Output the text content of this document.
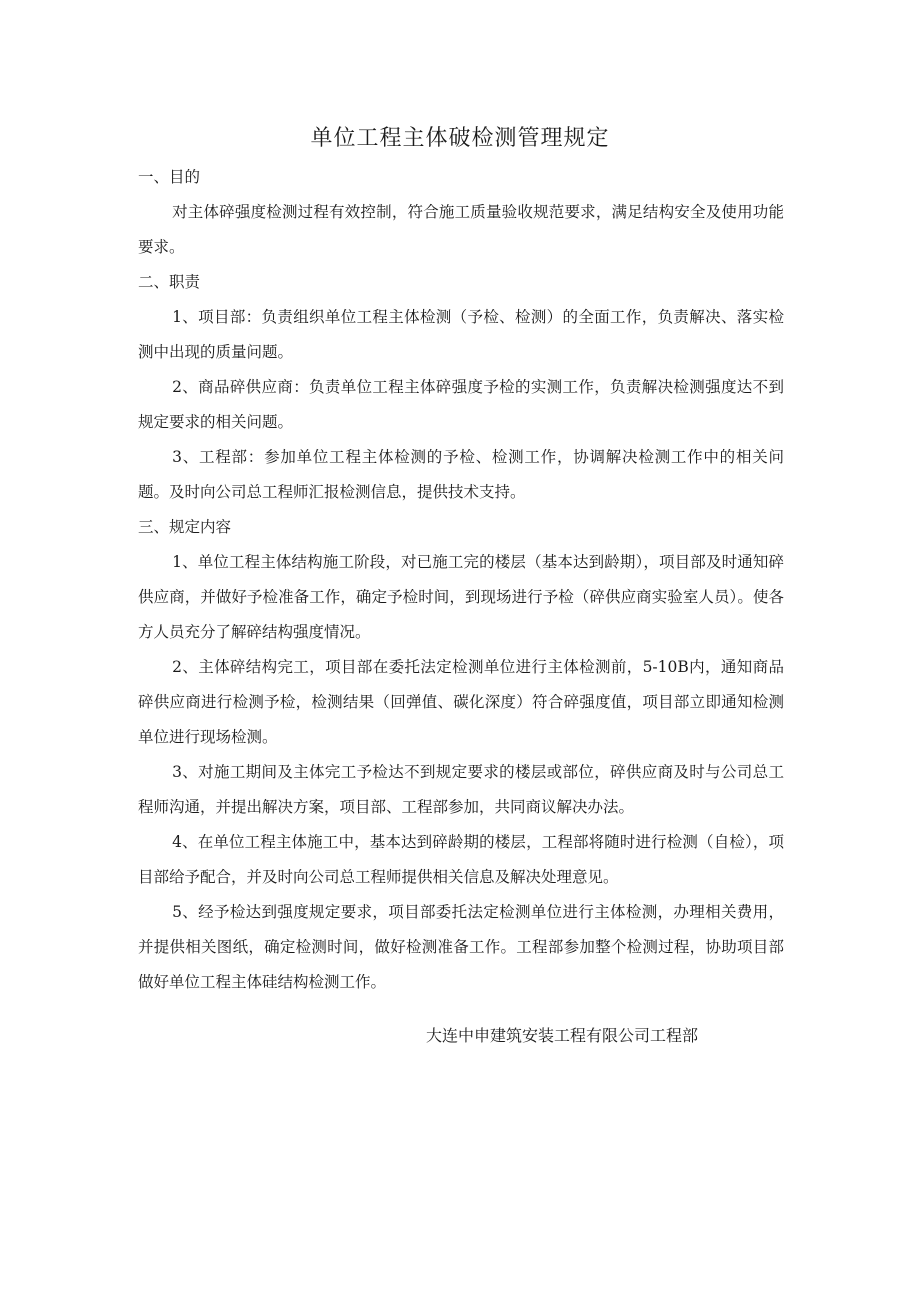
单位工程主体破检测管理规定

一、目的

对主体碎强度检测过程有效控制，符合施工质量验收规范要求，满足结构安全及使用功能要求。

二、职责

1、项目部：负责组织单位工程主体检测（予检、检测）的全面工作，负责解决、落实检测中出现的质量问题。

2、商品碎供应商：负责单位工程主体碎强度予检的实测工作，负责解决检测强度达不到规定要求的相关问题。

3、工程部：参加单位工程主体检测的予检、检测工作，协调解决检测工作中的相关问题。及时向公司总工程师汇报检测信息，提供技术支持。

三、规定内容

1、单位工程主体结构施工阶段，对已施工完的楼层（基本达到龄期），项目部及时通知碎供应商，并做好予检准备工作，确定予检时间，到现场进行予检（碎供应商实验室人员）。使各方人员充分了解碎结构强度情况。

2、主体碎结构完工，项目部在委托法定检测单位进行主体检测前，5-10B内，通知商品碎供应商进行检测予检，检测结果（回弹值、碳化深度）符合碎强度值，项目部立即通知检测单位进行现场检测。

3、对施工期间及主体完工予检达不到规定要求的楼层或部位，碎供应商及时与公司总工程师沟通，并提出解决方案，项目部、工程部参加，共同商议解决办法。

4、在单位工程主体施工中，基本达到碎龄期的楼层，工程部将随时进行检测（自检），项目部给予配合，并及时向公司总工程师提供相关信息及解决处理意见。

5、经予检达到强度规定要求，项目部委托法定检测单位进行主体检测，办理相关费用，并提供相关图纸，确定检测时间，做好检测准备工作。工程部参加整个检测过程，协助项目部做好单位工程主体硅结构检测工作。

大连中申建筑安装工程有限公司工程部
